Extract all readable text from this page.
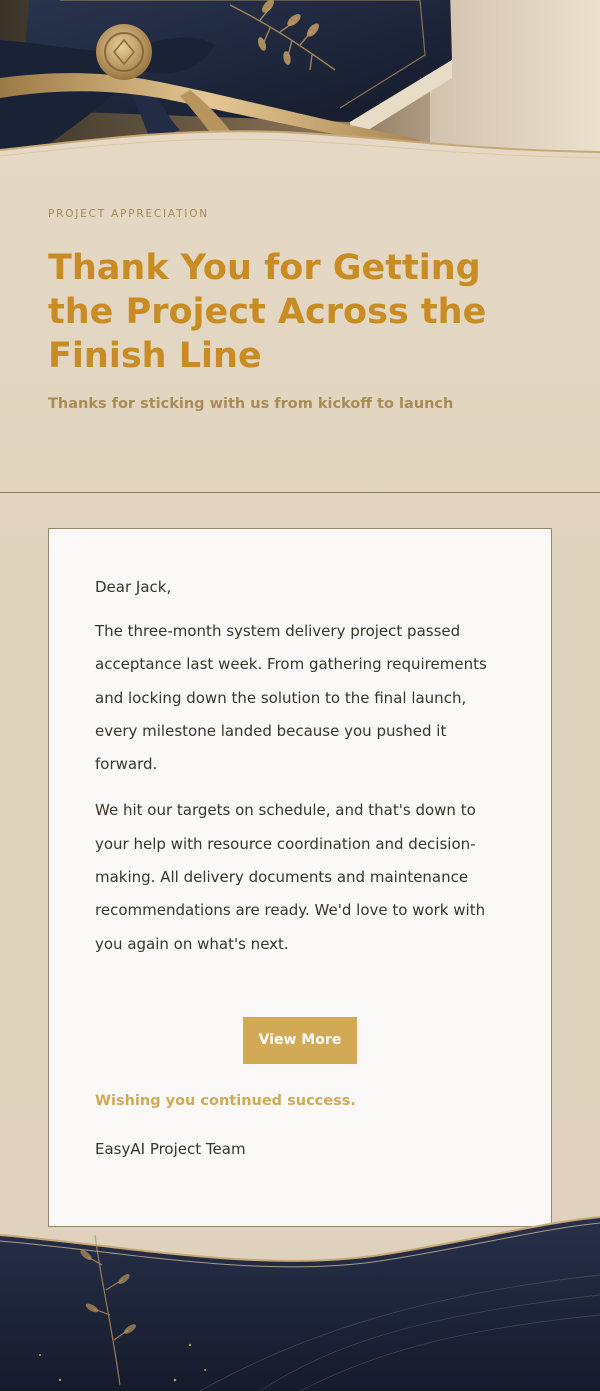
PROJECT APPRECIATION
Thank You for Getting the Project Across the Finish Line
Thanks for sticking with us from kickoff to launch

Dear Jack,

The three-month system delivery project passed acceptance last week. From gathering requirements and locking down the solution to the final launch, every milestone landed because you pushed it forward.

We hit our targets on schedule, and that's down to your help with resource coordination and decision-making. All delivery documents and maintenance recommendations are ready. We'd love to work with you again on what's next.

View More
Wishing you continued success.
EasyAI Project Team
